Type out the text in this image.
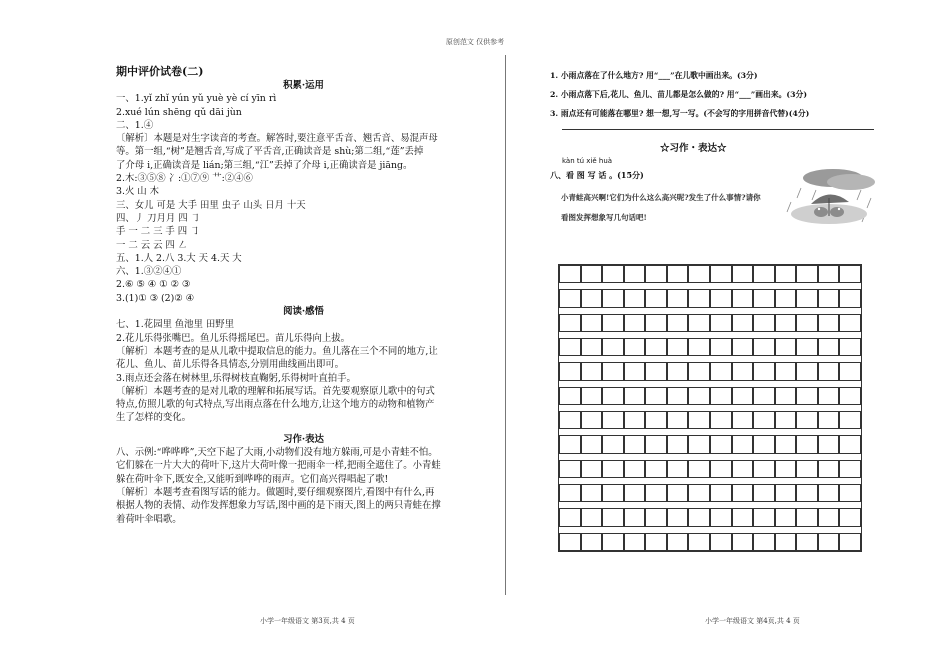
原创范文 仅供参考
期中评价试卷(二)
积累·运用
一、1.yǐ zhǐ yún yǔ yuè yè cí yīn rì
2.xué lún shēng qǔ dāi jùn
二、1.④
〔解析〕本题是对生字读音的考查。解答时,要注意平舌音、翘舌音、易混声母
等。第一组,“树”是翘舌音,写成了平舌音,正确读音是 shù;第二组,“莲”丢掉
了介母 i,正确读音是 lián;第三组,“江”丢掉了介母 i,正确读音是 jiāng。
2.木:③⑤⑧ 冫:①⑦⑨ 艹:②④⑥
3.火 山 木
三、女儿 可是 大手 田里 虫子 山头 日月 十天
四、丿 刀月月 四 ㇆
手 ⼀ ⼆ 三 手 四 ㇆
⼀ ⼆ 云 云 四 ㇜
五、1.人 2.八 3.大 天 4.天 大
六、1.③②④①
2.⑥ ⑤ ④ ① ② ③
3.(1)① ③ (2)② ④
阅读·感悟
七、1.花园里 鱼池里 田野里
2.花儿乐得张嘴巴。鱼儿乐得摇尾巴。苗儿乐得向上拔。
〔解析〕本题考查的是从儿歌中提取信息的能力。鱼儿落在三个不同的地方,让
花儿、鱼儿、苗儿乐得各具情态,分别用曲线画出即可。
3.雨点还会落在树林里,乐得树枝直鞠躬,乐得树叶直拍手。
〔解析〕本题考查的是对儿歌的理解和拓展写话。首先要观察原儿歌中的句式
特点,仿照儿歌的句式特点,写出雨点落在什么地方,让这个地方的动物和植物产
生了怎样的变化。
习作·表达
八、示例:“哗哗哗”,天空下起了大雨,小动物们没有地方躲雨,可是小青蛙不怕。
它们躲在一片大大的荷叶下,这片大荷叶像一把雨伞一样,把雨全遮住了。小青蛙
躲在荷叶伞下,既安全,又能听到哗哗的雨声。它们高兴得唱起了歌!
〔解析〕本题考查看图写话的能力。做题时,要仔细观察图片,看图中有什么,再
根据人物的表情、动作发挥想象力写话,图中画的是下雨天,图上的两只青蛙在撑
着荷叶伞唱歌。
1. 小雨点落在了什么地方? 用“___”在儿歌中画出来。(3分)
2. 小雨点落下后,花儿、鱼儿、苗儿都是怎么做的? 用“___”画出来。(3分)
3. 雨点还有可能落在哪里? 想一想,写一写。(不会写的字用拼音代替)(4分)
☆习作・表达☆
kàn tú xiě huà
八、看 图 写 话 。(15分)
小青蛙高兴啊!它们为什么这么高兴呢?发生了什么事情?请你看图发挥想象写几句话吧!
小学一年级语文 第3页,共 4 页	小学一年级语文 第4页,共 4 页
